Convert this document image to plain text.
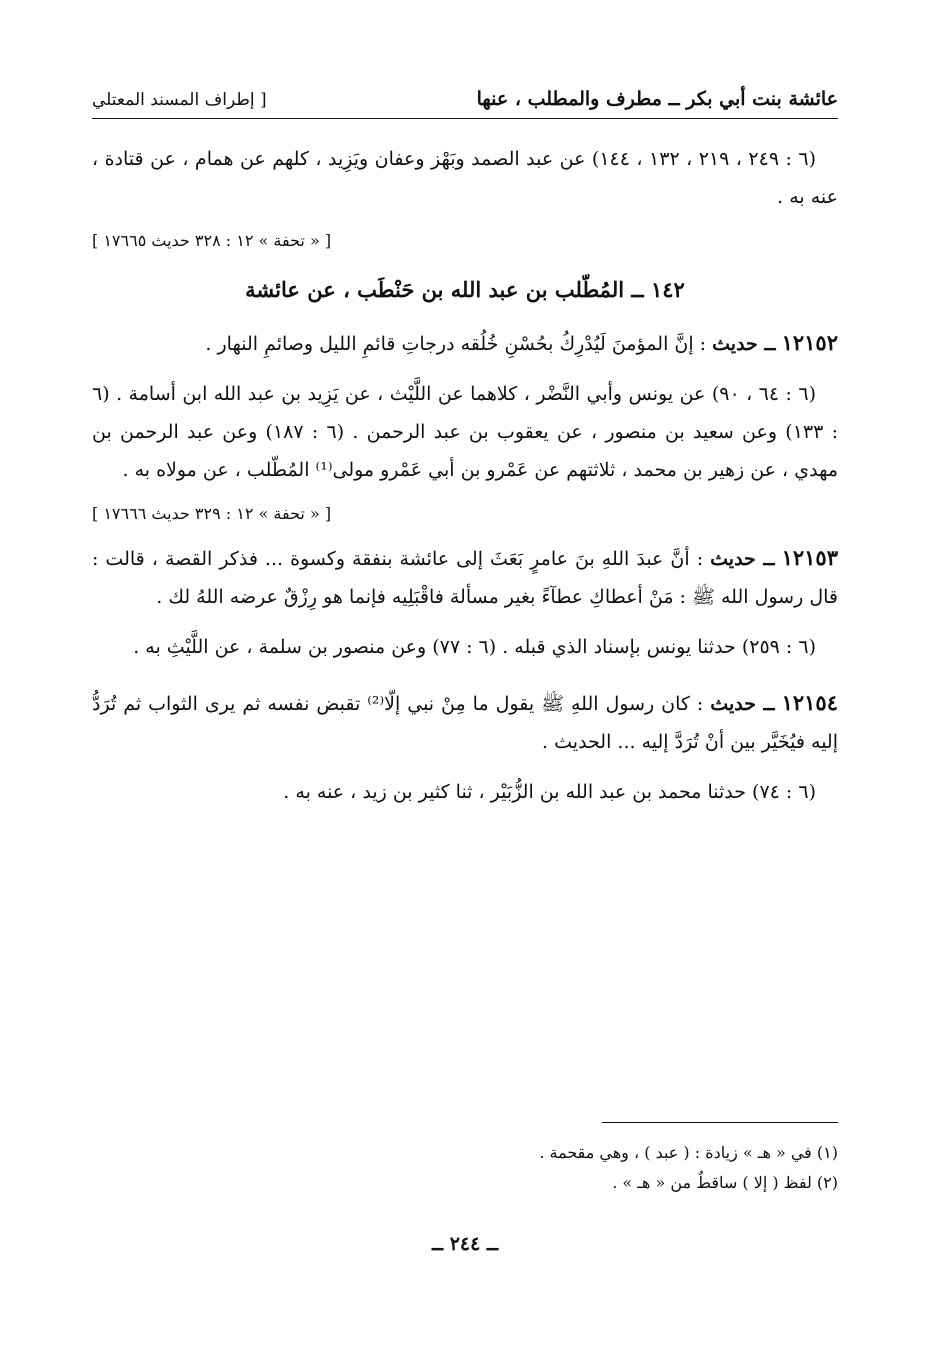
عائشة بنت أبي بكر ــ مطرف والمطلب ، عنها
[ إطراف المسند المعتلي

(٦ : ٢٤٩ ، ٢١٩ ، ١٣٢ ، ١٤٤) عن عبد الصمد وبَهْز وعفان ويَزِيد ، كلهم عن همام ، عن قتادة ، عنه به .

[ « تحفة » ١٢ : ٣٢٨ حديث ١٧٦٦٥ ]

١٤٢ ــ المُطّلب بن عبد الله بن حَنْطَب ، عن عائشة

١٢١٥٢ ــ حديث : إنَّ المؤمنَ لَيُدْرِكُ بحُسْنِ خُلُقه درجاتِ قائمِ الليل وصائمِ النهار .

(٦ : ٦٤ ، ٩٠) عن يونس وأبي النَّضْر ، كلاهما عن اللَّيْث ، عن يَزِيد بن عبد الله ابن أسامة . (٦ : ١٣٣) وعن سعيد بن منصور ، عن يعقوب بن عبد الرحمن . (٦ : ١٨٧) وعن عبد الرحمن بن مهدي ، عن زهير بن محمد ، ثلاثتهم عن عَمْرو بن أبي عَمْرو مولى⁽¹⁾ المُطّلب ، عن مولاه به .

[ « تحفة » ١٢ : ٣٢٩ حديث ١٧٦٦٦ ]

١٢١٥٣ ــ حديث : أنَّ عبدَ اللهِ بنَ عامرٍ بَعَثَ إلى عائشة بنفقة وكسوة ... فذكر القصة ، قالت : قال رسول الله ﷺ : مَنْ أعطاكِ عطآءً بغير مسألة فاقْبَلِيه فإنما هو رِزْقٌ عرضه اللهُ لك .

(٦ : ٢٥٩) حدثنا يونس بإسناد الذي قبله . (٦ : ٧٧) وعن منصور بن سلمة ، عن اللَّيْثِ به .

١٢١٥٤ ــ حديث : كان رسول اللهِ ﷺ يقول ما مِنْ نبي إلّا⁽²⁾ تقبض نفسه ثم يرى الثواب ثم تُرَدُّ إليه فيُخَيَّر بين أنْ تُرَدَّ إليه ... الحديث .

(٦ : ٧٤) حدثنا محمد بن عبد الله بن الزُّبَيْر ، ثنا كثير بن زيد ، عنه به .

(١) في « هـ » زيادة : ( عبد ) ، وهي مقحمة .

(٢) لفظ ( إلا ) ساقطٌ من « هـ » .

ــ ٢٤٤ ــ
